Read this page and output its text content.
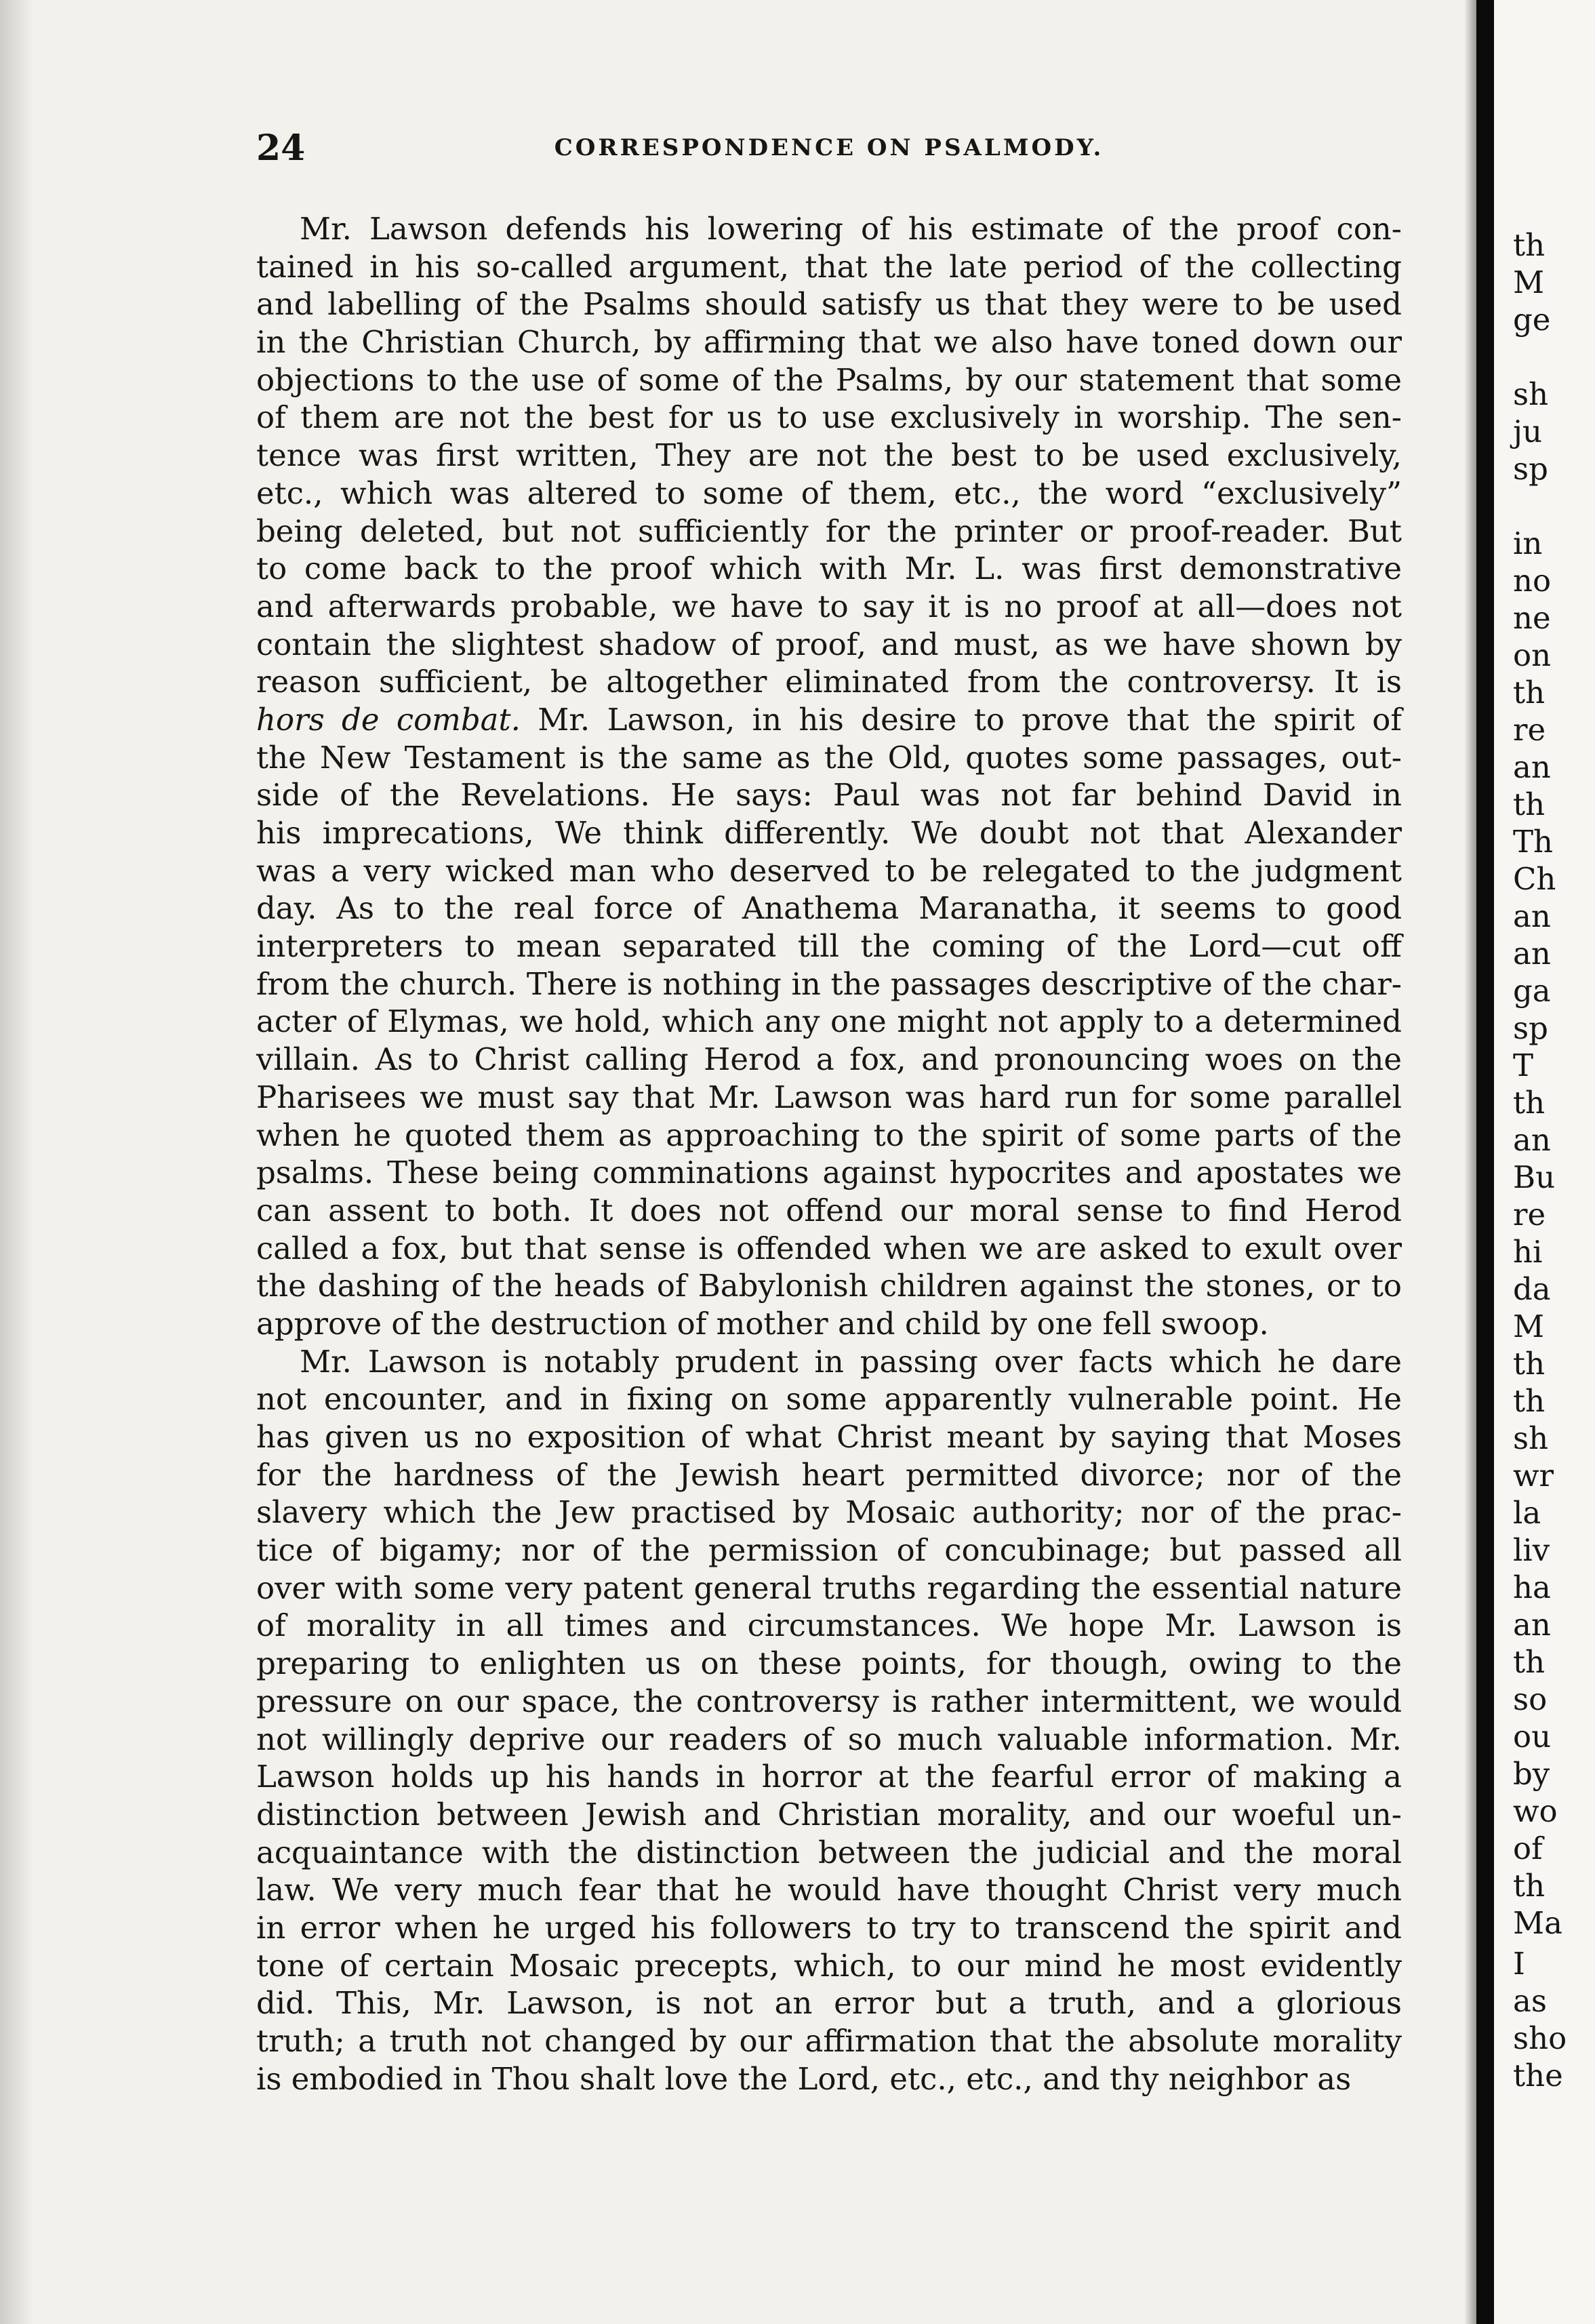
24	CORRESPONDENCE ON PSALMODY.

Mr. Lawson defends his lowering of his estimate of the proof con-
tained in his so-called argument, that the late period of the collecting
and labelling of the Psalms should satisfy us that they were to be used
in the Christian Church, by affirming that we also have toned down our
objections to the use of some of the Psalms, by our statement that some
of them are not the best for us to use exclusively in worship. The sen-
tence was first written, They are not the best to be used exclusively,
etc., which was altered to some of them, etc., the word “exclusively”
being deleted, but not sufficiently for the printer or proof-reader. But
to come back to the proof which with Mr. L. was first demonstrative
and afterwards probable, we have to say it is no proof at all—does not
contain the slightest shadow of proof, and must, as we have shown by
reason sufficient, be altogether eliminated from the controversy. It is
hors de combat. Mr. Lawson, in his desire to prove that the spirit of
the New Testament is the same as the Old, quotes some passages, out-
side of the Revelations. He says: Paul was not far behind David in
his imprecations, We think differently. We doubt not that Alexander
was a very wicked man who deserved to be relegated to the judgment
day. As to the real force of Anathema Maranatha, it seems to good
interpreters to mean separated till the coming of the Lord—cut off
from the church. There is nothing in the passages descriptive of the char-
acter of Elymas, we hold, which any one might not apply to a determined
villain. As to Christ calling Herod a fox, and pronouncing woes on the
Pharisees we must say that Mr. Lawson was hard run for some parallel
when he quoted them as approaching to the spirit of some parts of the
psalms. These being comminations against hypocrites and apostates we
can assent to both. It does not offend our moral sense to find Herod
called a fox, but that sense is offended when we are asked to exult over
the dashing of the heads of Babylonish children against the stones, or to
approve of the destruction of mother and child by one fell swoop.

Mr. Lawson is notably prudent in passing over facts which he dare
not encounter, and in fixing on some apparently vulnerable point. He
has given us no exposition of what Christ meant by saying that Moses
for the hardness of the Jewish heart permitted divorce; nor of the
slavery which the Jew practised by Mosaic authority; nor of the prac-
tice of bigamy; nor of the permission of concubinage; but passed all
over with some very patent general truths regarding the essential nature
of morality in all times and circumstances. We hope Mr. Lawson is
preparing to enlighten us on these points, for though, owing to the
pressure on our space, the controversy is rather intermittent, we would
not willingly deprive our readers of so much valuable information. Mr.
Lawson holds up his hands in horror at the fearful error of making a
distinction between Jewish and Christian morality, and our woeful un-
acquaintance with the distinction between the judicial and the moral
law. We very much fear that he would have thought Christ very much
in error when he urged his followers to try to transcend the spirit and
tone of certain Mosaic precepts, which, to our mind he most evidently
did. This, Mr. Lawson, is not an error but a truth, and a glorious
truth; a truth not changed by our affirmation that the absolute morality
is embodied in Thou shalt love the Lord, etc., etc., and thy neighbor as

th
M
ge
sh
ju
sp
in
no
ne
on
th
re
an
th
Th
Ch
an
an
ga
sp
T
th
an
Bu
re
hi
da
M
th
th
sh
wr
la
liv
ha
an
th
so
ou
by
wo
of
th
Ma
I
as
sho
the
